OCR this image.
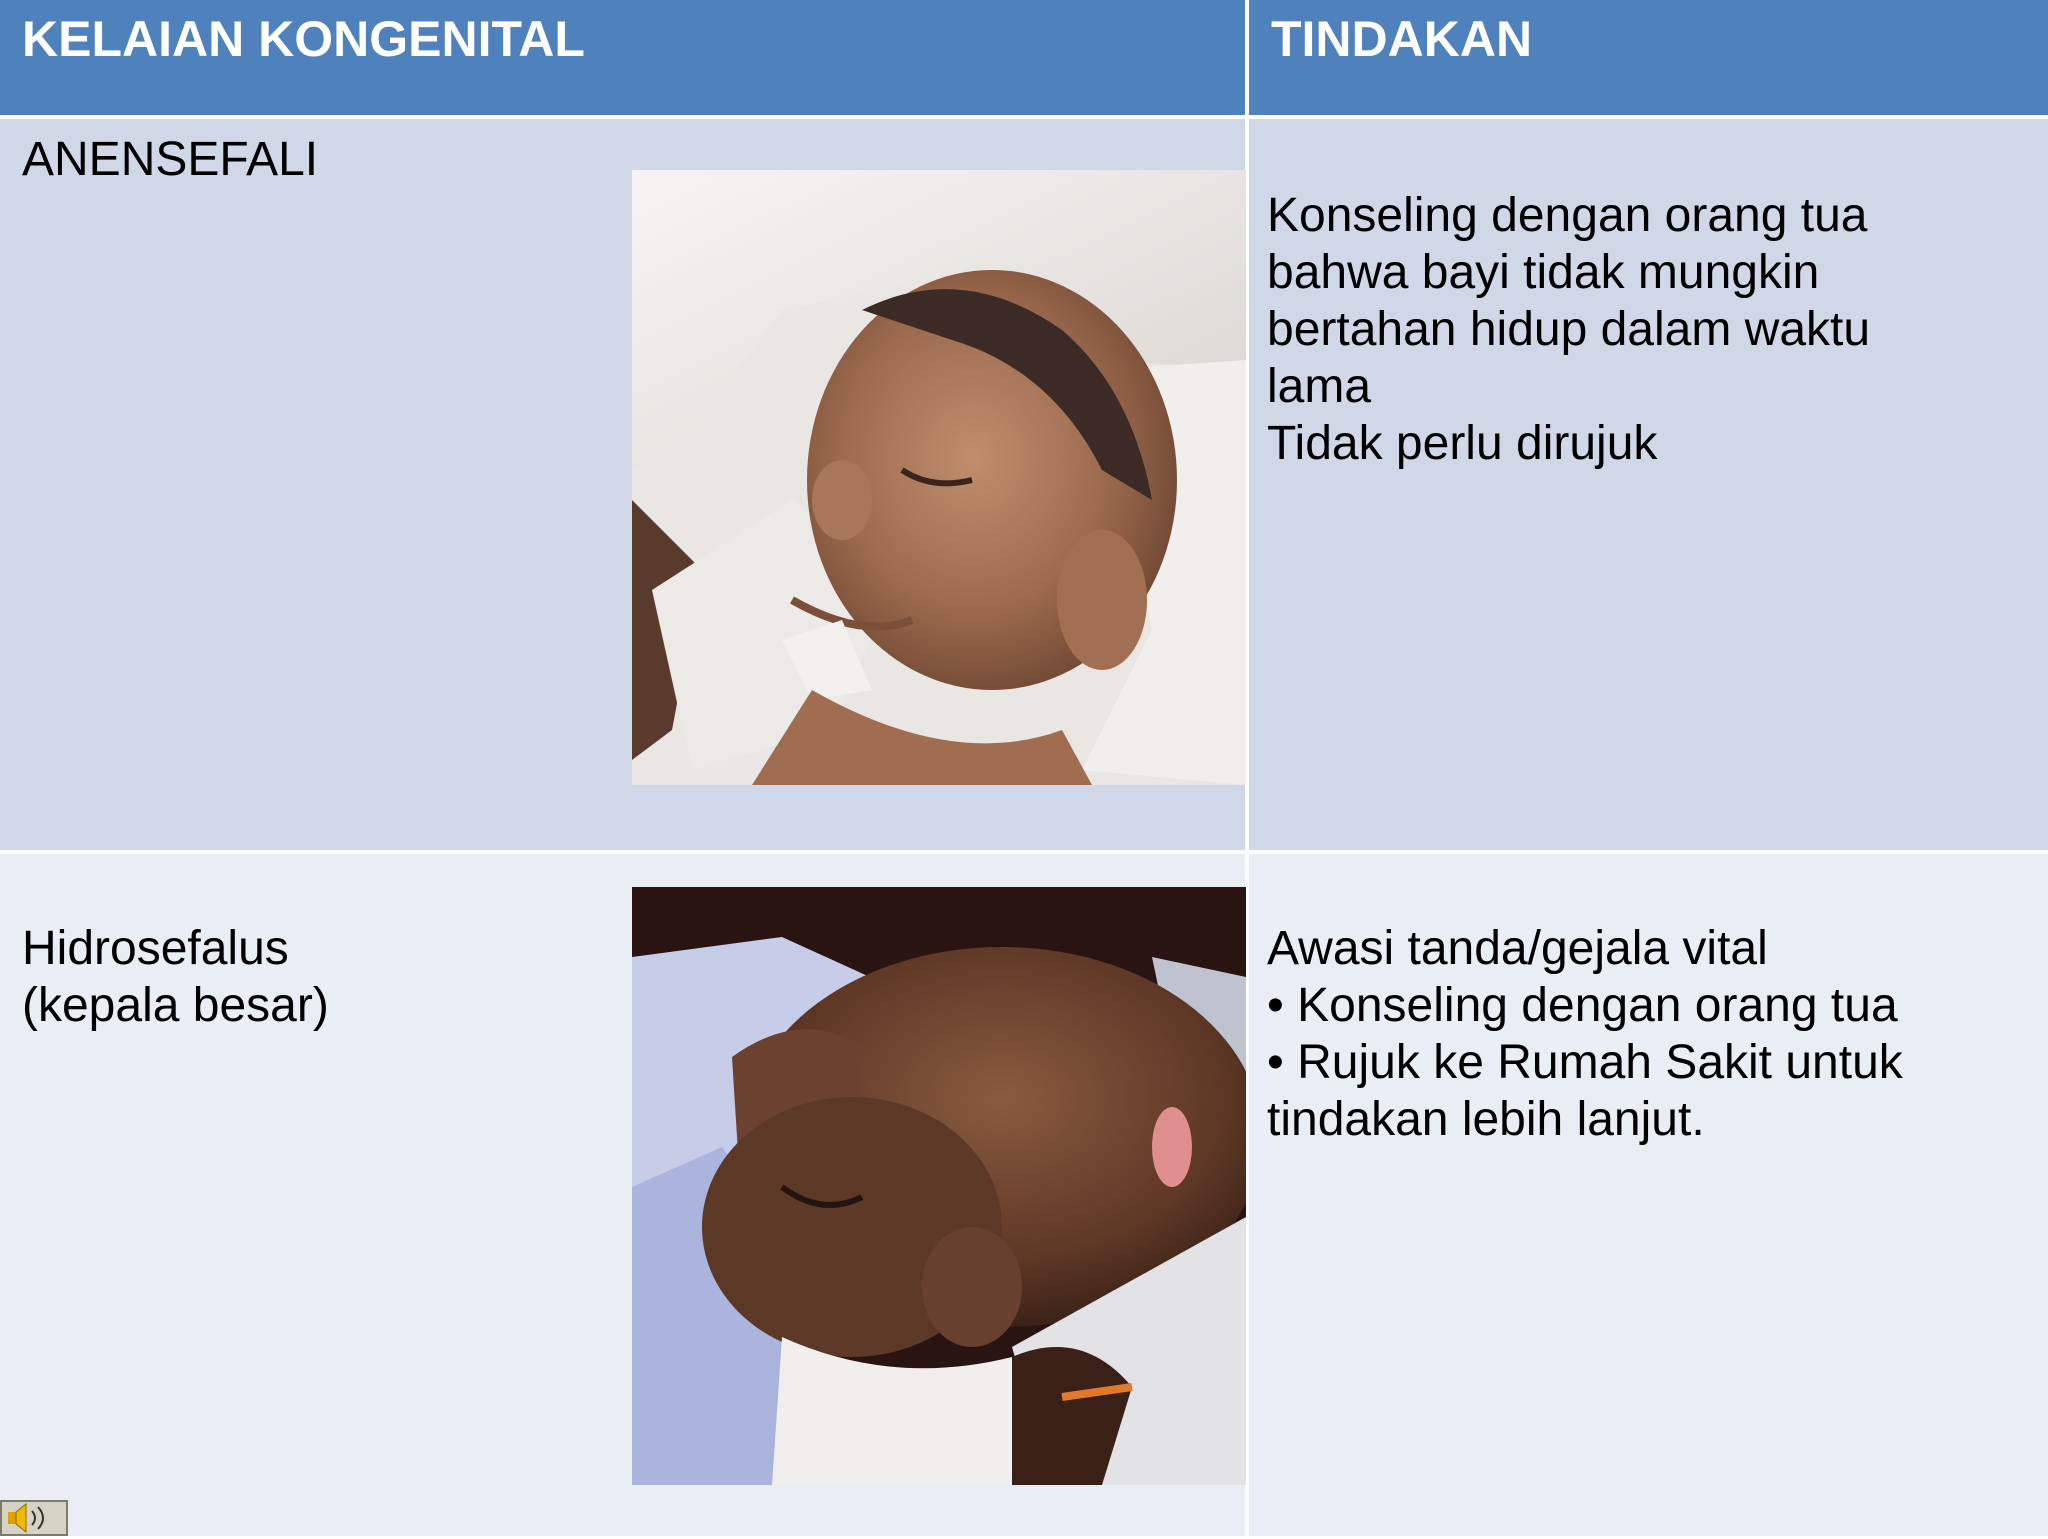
KELAIAN KONGENITAL	TINDAKAN
ANENSEFALI
Konseling dengan orang tua
bahwa bayi tidak mungkin
bertahan hidup dalam waktu
lama
Tidak perlu dirujuk
Hidrosefalus
(kepala besar)
Awasi tanda/gejala vital
• Konseling dengan orang tua
• Rujuk ke Rumah Sakit untuk
tindakan lebih lanjut.
